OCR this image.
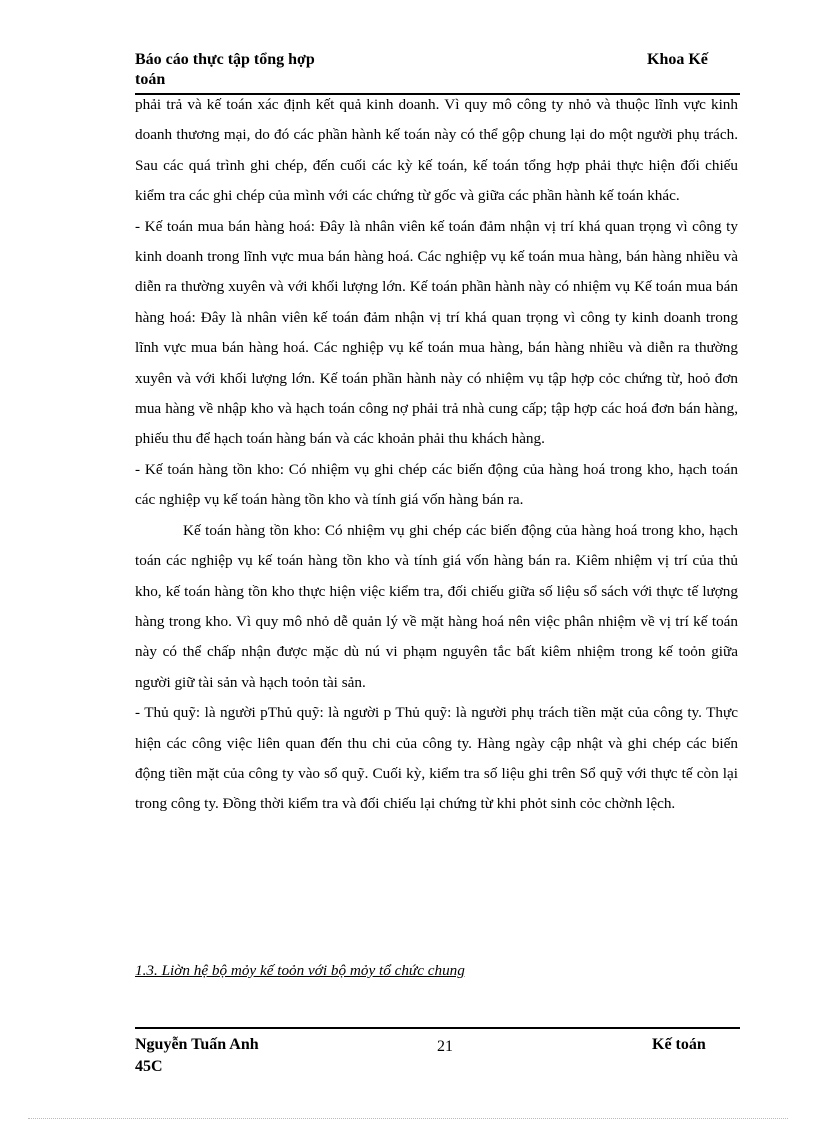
Báo cáo thực tập tổng hợp
toán
Khoa Kế

phải trả và kế toán xác định kết quả kinh doanh. Vì quy mô công ty nhỏ và thuộc lĩnh vực kinh doanh thương mại, do đó các phần hành kế toán này có thể gộp chung lại do một người phụ trách. Sau các quá trình ghi chép, đến cuối các kỳ kế toán, kế toán tổng hợp phải thực hiện đối chiếu kiểm tra các ghi chép của mình với các chứng từ gốc và giữa các phần hành kế toán khác.

- Kế toán mua bán hàng hoá: Đây là nhân viên kế toán đảm nhận vị trí khá quan trọng vì công ty kinh doanh trong lĩnh vực mua bán hàng hoá. Các nghiệp vụ kế toán mua hàng, bán hàng nhiều và diễn ra thường xuyên và với khối lượng lớn. Kế toán phần hành này có nhiệm vụ Kế toán mua bán hàng hoá: Đây là nhân viên kế toán đảm nhận vị trí khá quan trọng vì công ty kinh doanh trong lĩnh vực mua bán hàng hoá. Các nghiệp vụ kế toán mua hàng, bán hàng nhiều và diễn ra thường xuyên và với khối lượng lớn. Kế toán phần hành này có nhiệm vụ tập hợp cỏc chứng từ, hoỏ đơn mua hàng về nhập kho và hạch toán công nợ phải trả nhà cung cấp; tập hợp các hoá đơn bán hàng, phiếu thu để hạch toán hàng bán và các khoản phải thu khách hàng.

- Kế toán hàng tồn kho: Có nhiệm vụ ghi chép các biến động của hàng hoá trong kho, hạch toán các nghiệp vụ kế toán hàng tồn kho và tính giá vốn hàng bán ra.

Kế toán hàng tồn kho: Có nhiệm vụ ghi chép các biến động của hàng hoá trong kho, hạch toán các nghiệp vụ kế toán hàng tồn kho và tính giá vốn hàng bán ra. Kiêm nhiệm vị trí của thủ kho, kế toán hàng tồn kho thực hiện việc kiểm tra, đối chiếu giữa số liệu sổ sách với thực tế lượng hàng trong kho. Vì quy mô nhỏ dễ quản lý về mặt hàng hoá nên việc phân nhiệm về vị trí kế toán này có thể chấp nhận được mặc dù nú vi phạm nguyên tắc bất kiêm nhiệm trong kế toỏn giữa người giữ tài sản và hạch toỏn tài sản.

- Thủ quỹ: là người pThủ quỹ: là người p Thủ quỹ: là người phụ trách tiền mặt của công ty. Thực hiện các công việc liên quan đến thu chi của công ty. Hàng ngày cập nhật và ghi chép các biến động tiền mặt của công ty vào sổ quỹ. Cuối kỳ, kiểm tra số liệu ghi trên Sổ quỹ với thực tế còn lại trong công ty. Đồng thời kiểm tra và đối chiếu lại chứng từ khi phỏt sinh cỏc chờnh lệch.

1.3. Liờn hệ bộ mỏy kế toỏn với bộ mỏy tổ chức chung
Nguyễn Tuấn Anh
45C
21	Kế toán
